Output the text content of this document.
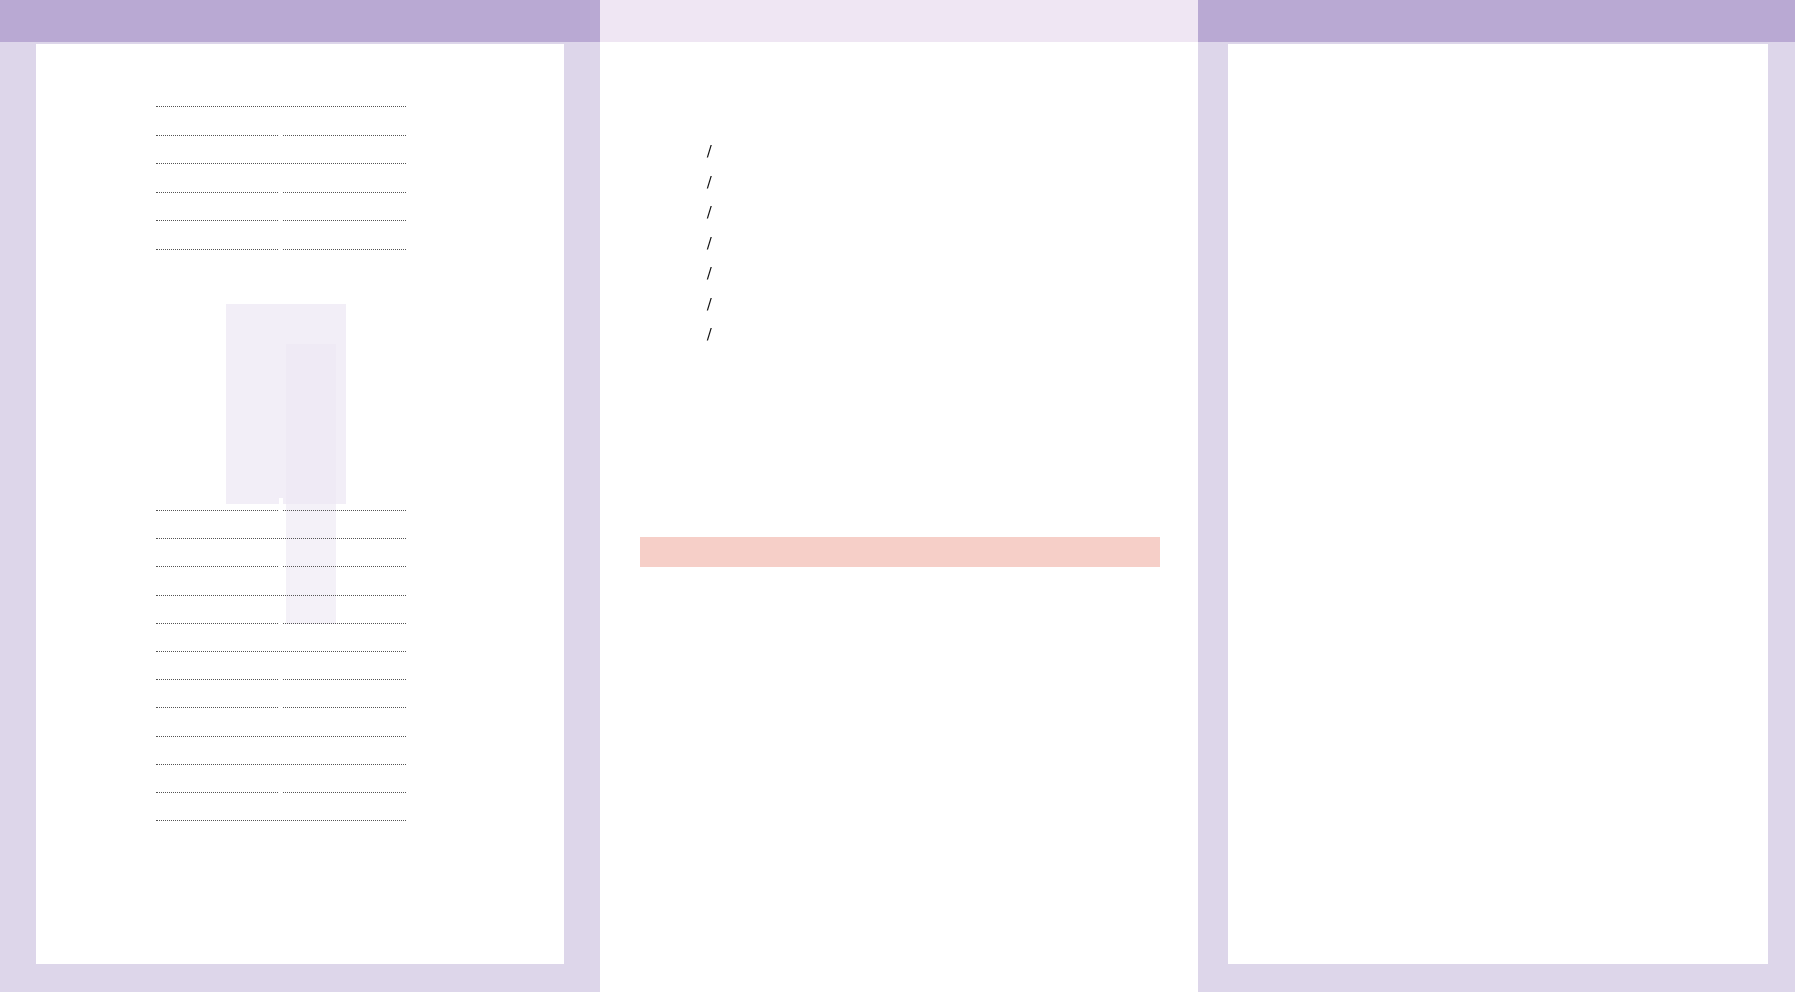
/
/
/
/
/
/
/
